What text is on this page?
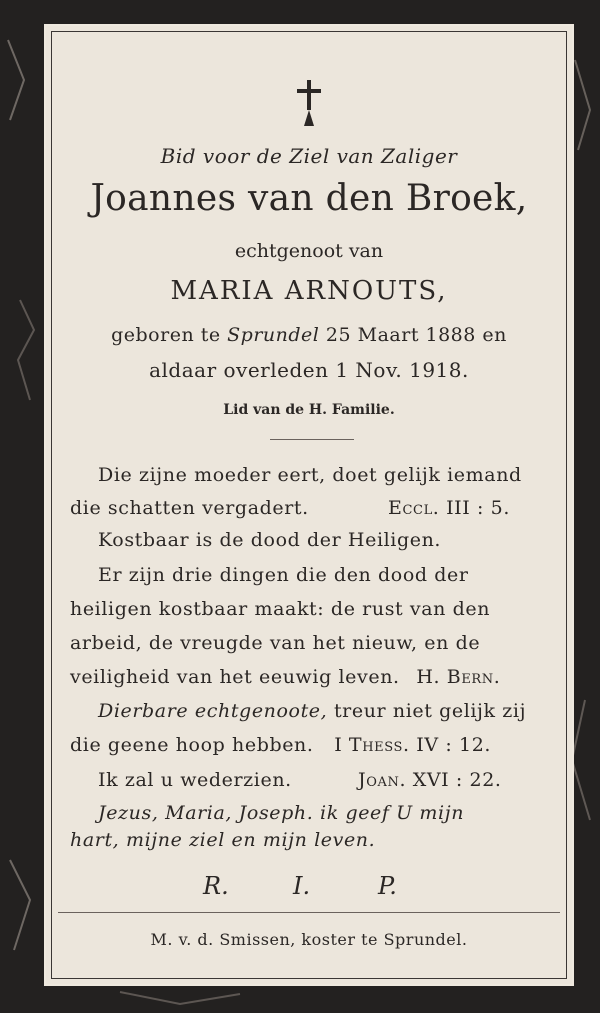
Bid voor de Ziel van Zaliger
Joannes van den Broek,
echtgenoot van
MARIA ARNOUTS,
geboren te Sprundel 25 Maart 1888 en
aldaar overleden 1 Nov. 1918.
Lid van de H. Familie.
Die zijne moeder eert, doet gelijk iemand
die schatten vergadert.	Eccl. III : 5.
Kostbaar is de dood der Heiligen.
Er zijn drie dingen die den dood der
heiligen kostbaar maakt: de rust van den
arbeid, de vreugde van het nieuw, en de
veiligheid van het eeuwig leven. H. Bern.
Dierbare echtgenoote, treur niet gelijk zij
die geene hoop hebben. I Thess. IV : 12.
Ik zal u wederzien.	Joan. XVI : 22.
Jezus, Maria, Joseph. ik geef U mijn
hart, mijne ziel en mijn leven.
R.	I.	P.
M. v. d. Smissen, koster te Sprundel.
